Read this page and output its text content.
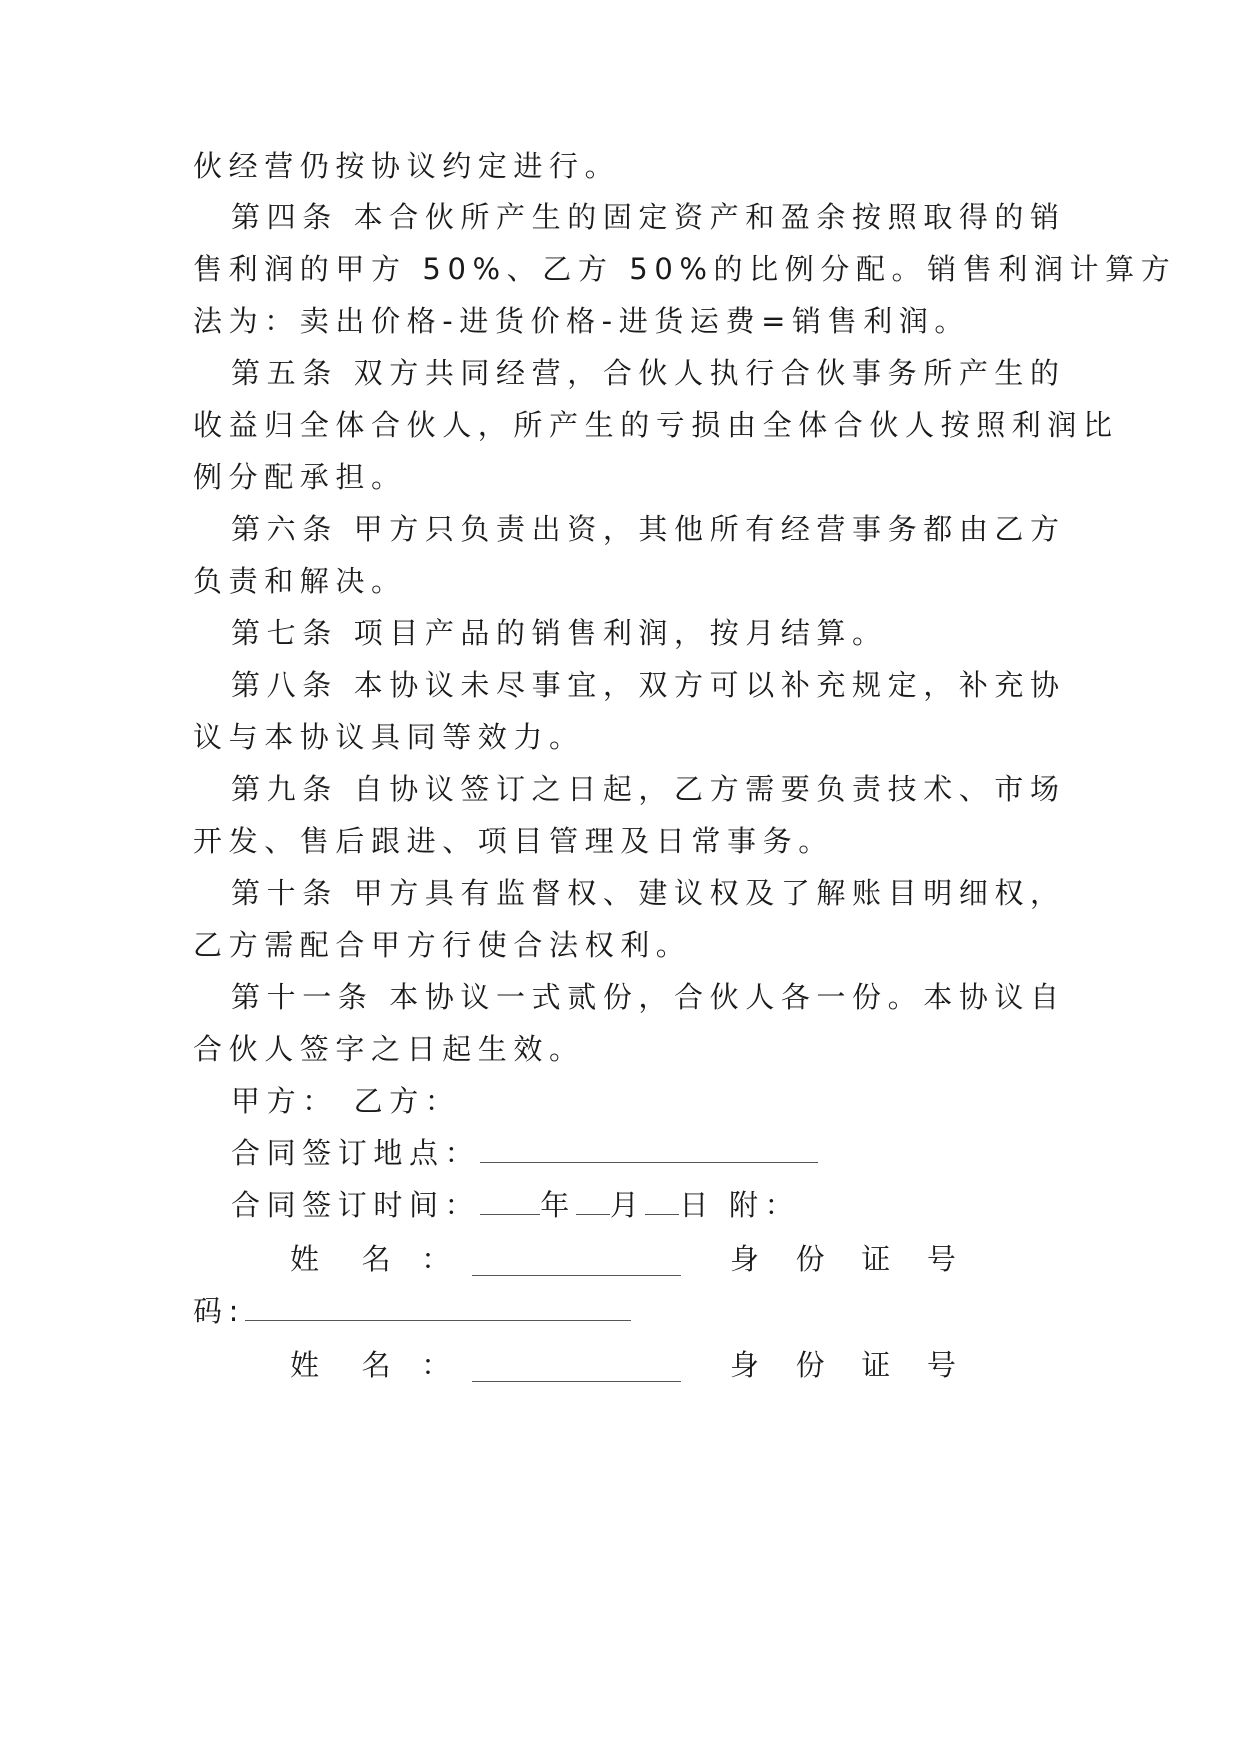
伙经营仍按协议约定进行。
第四条 本合伙所产生的固定资产和盈余按照取得的销
售利润的甲方 50%、乙方 50%的比例分配。销售利润计算方
法为：卖出价格-进货价格-进货运费=销售利润。
第五条 双方共同经营，合伙人执行合伙事务所产生的
收益归全体合伙人，所产生的亏损由全体合伙人按照利润比
例分配承担。
第六条 甲方只负责出资，其他所有经营事务都由乙方
负责和解决。
第七条 项目产品的销售利润，按月结算。
第八条 本协议未尽事宜，双方可以补充规定，补充协
议与本协议具同等效力。
第九条 自协议签订之日起，乙方需要负责技术、市场
开发、售后跟进、项目管理及日常事务。
第十条 甲方具有监督权、建议权及了解账目明细权，
乙方需配合甲方行使合法权利。
第十一条 本协议一式贰份，合伙人各一份。本协议自
合伙人签字之日起生效。
甲方： 乙方：
合同签订地点：
合同签订时间： 年 月 日 附：
姓 名 ：	身 份 证 号
码:
姓 名 ：	身 份 证 号
